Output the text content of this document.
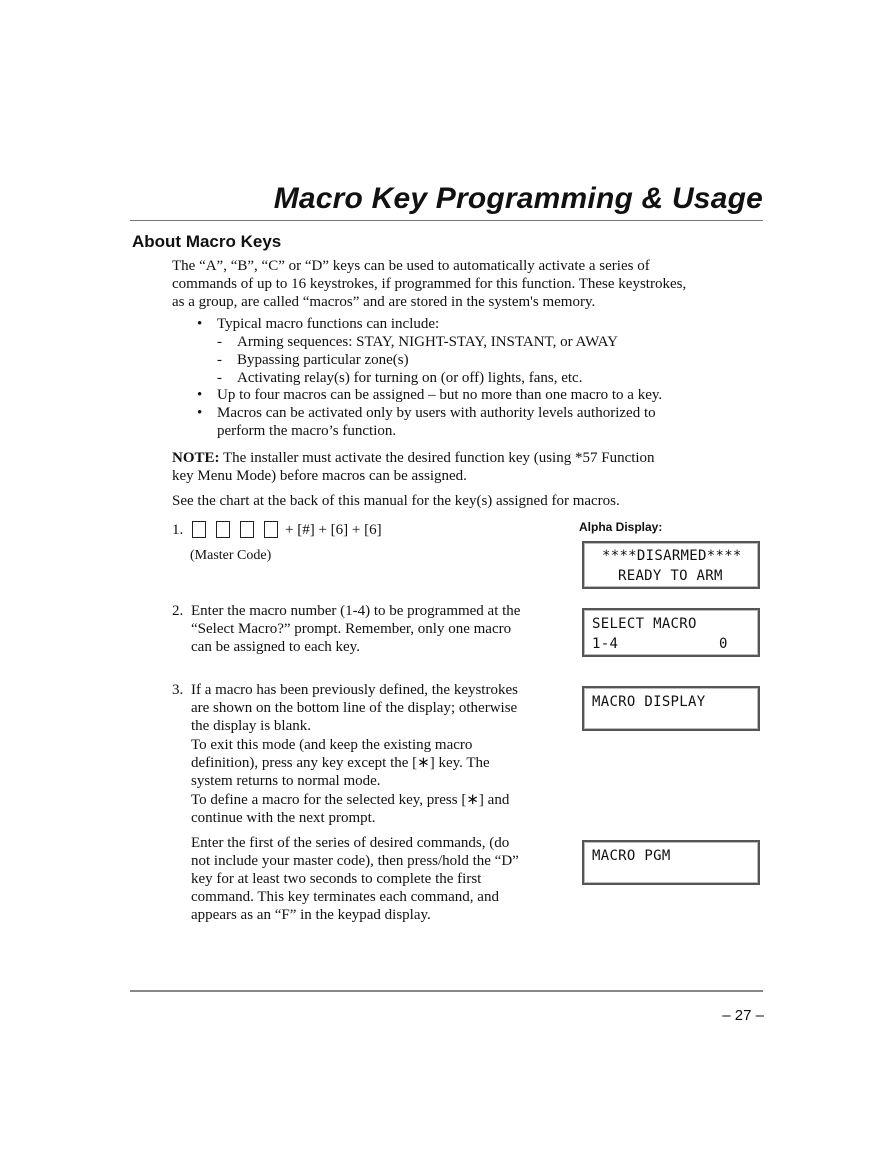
Macro Key Programming & Usage
About Macro Keys
The “A”, “B”, “C” or “D” keys can be used to automatically activate a series of
commands of up to 16 keystrokes, if programmed for this function. These keystrokes,
as a group, are called “macros” and are stored in the system's memory.
• Typical macro functions can include:
- Arming sequences: STAY, NIGHT-STAY, INSTANT, or AWAY
- Bypassing particular zone(s)
- Activating relay(s) for turning on (or off) lights, fans, etc.
• Up to four macros can be assigned – but no more than one macro to a key.
• Macros can be activated only by users with authority levels authorized to
perform the macro’s function.
NOTE: The installer must activate the desired function key (using *57 Function
key Menu Mode) before macros can be assigned.
See the chart at the back of this manual for the key(s) assigned for macros.
1.	+ [#] + [6] + [6]
(Master Code)
2. Enter the macro number (1-4) to be programmed at the
“Select Macro?” prompt. Remember, only one macro
can be assigned to each key.
3. If a macro has been previously defined, the keystrokes
are shown on the bottom line of the display; otherwise
the display is blank.
To exit this mode (and keep the existing macro
definition), press any key except the [∗] key. The
system returns to normal mode.
To define a macro for the selected key, press [∗] and
continue with the next prompt.
Enter the first of the series of desired commands, (do
not include your master code), then press/hold the “D”
key for at least two seconds to complete the first
command. This key terminates each command, and
appears as an “F” in the keypad display.
Alpha Display:
****DISARMED****
READY TO ARM
SELECT MACRO
1-4	0
MACRO DISPLAY
MACRO PGM
– 27 –
